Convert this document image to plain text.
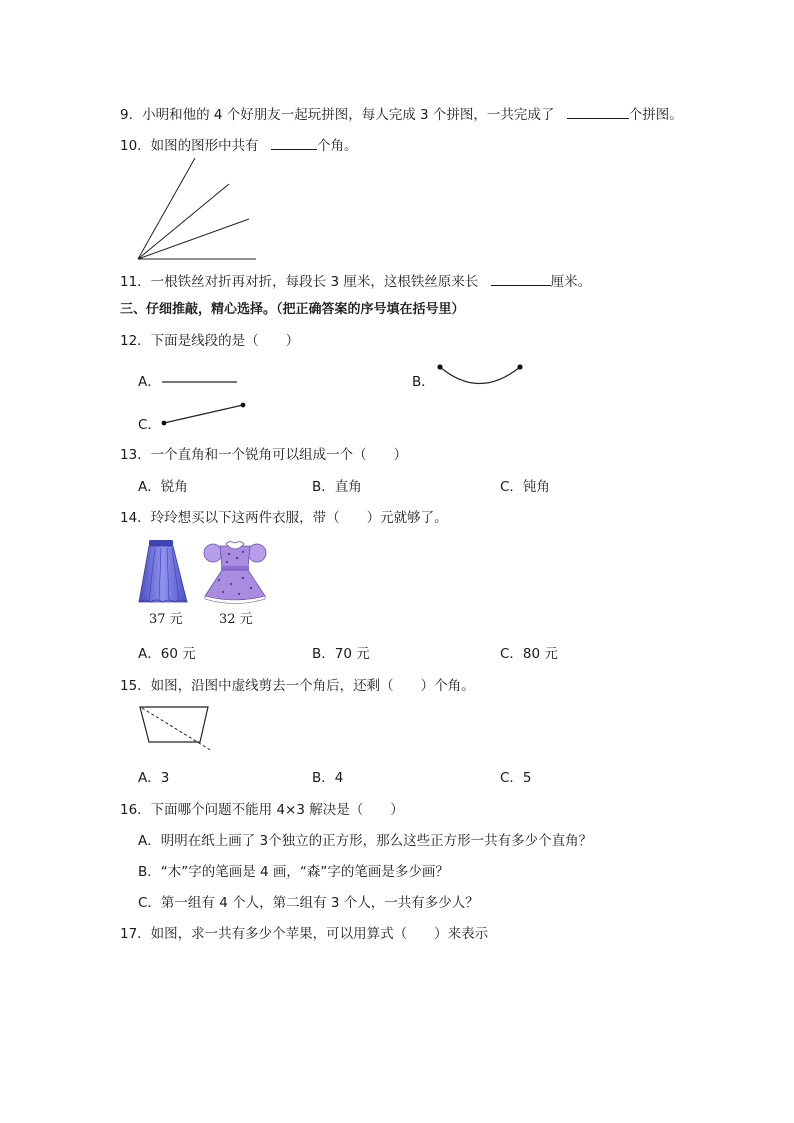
9．小明和他的 4 个好朋友一起玩拼图，每人完成 3 个拼图，一共完成了	个拼图。
10．如图的图形中共有	个角。
11．一根铁丝对折再对折，每段长 3 厘米，这根铁丝原来长	厘米。
三、仔细推敲，精心选择。（把正确答案的序号填在括号里）
12．下面是线段的是（　　）
A．	B．
C．
13．一个直角和一个锐角可以组成一个（　　）
A．锐角	B．直角	C．钝角
14．玲玲想买以下这两件衣服，带（　　）元就够了。
37 元	32 元
A．60 元	B．70 元	C．80 元
15．如图，沿图中虚线剪去一个角后，还剩（　　）个角。
A．3	B．4	C．5
16．下面哪个问题不能用 4×3 解决是（　　）
A．明明在纸上画了 3个独立的正方形，那么这些正方形一共有多少个直角？
B．“木”字的笔画是 4 画，“森”字的笔画是多少画？
C．第一组有 4 个人，第二组有 3 个人，一共有多少人？
17．如图，求一共有多少个苹果，可以用算式（　　）来表示
